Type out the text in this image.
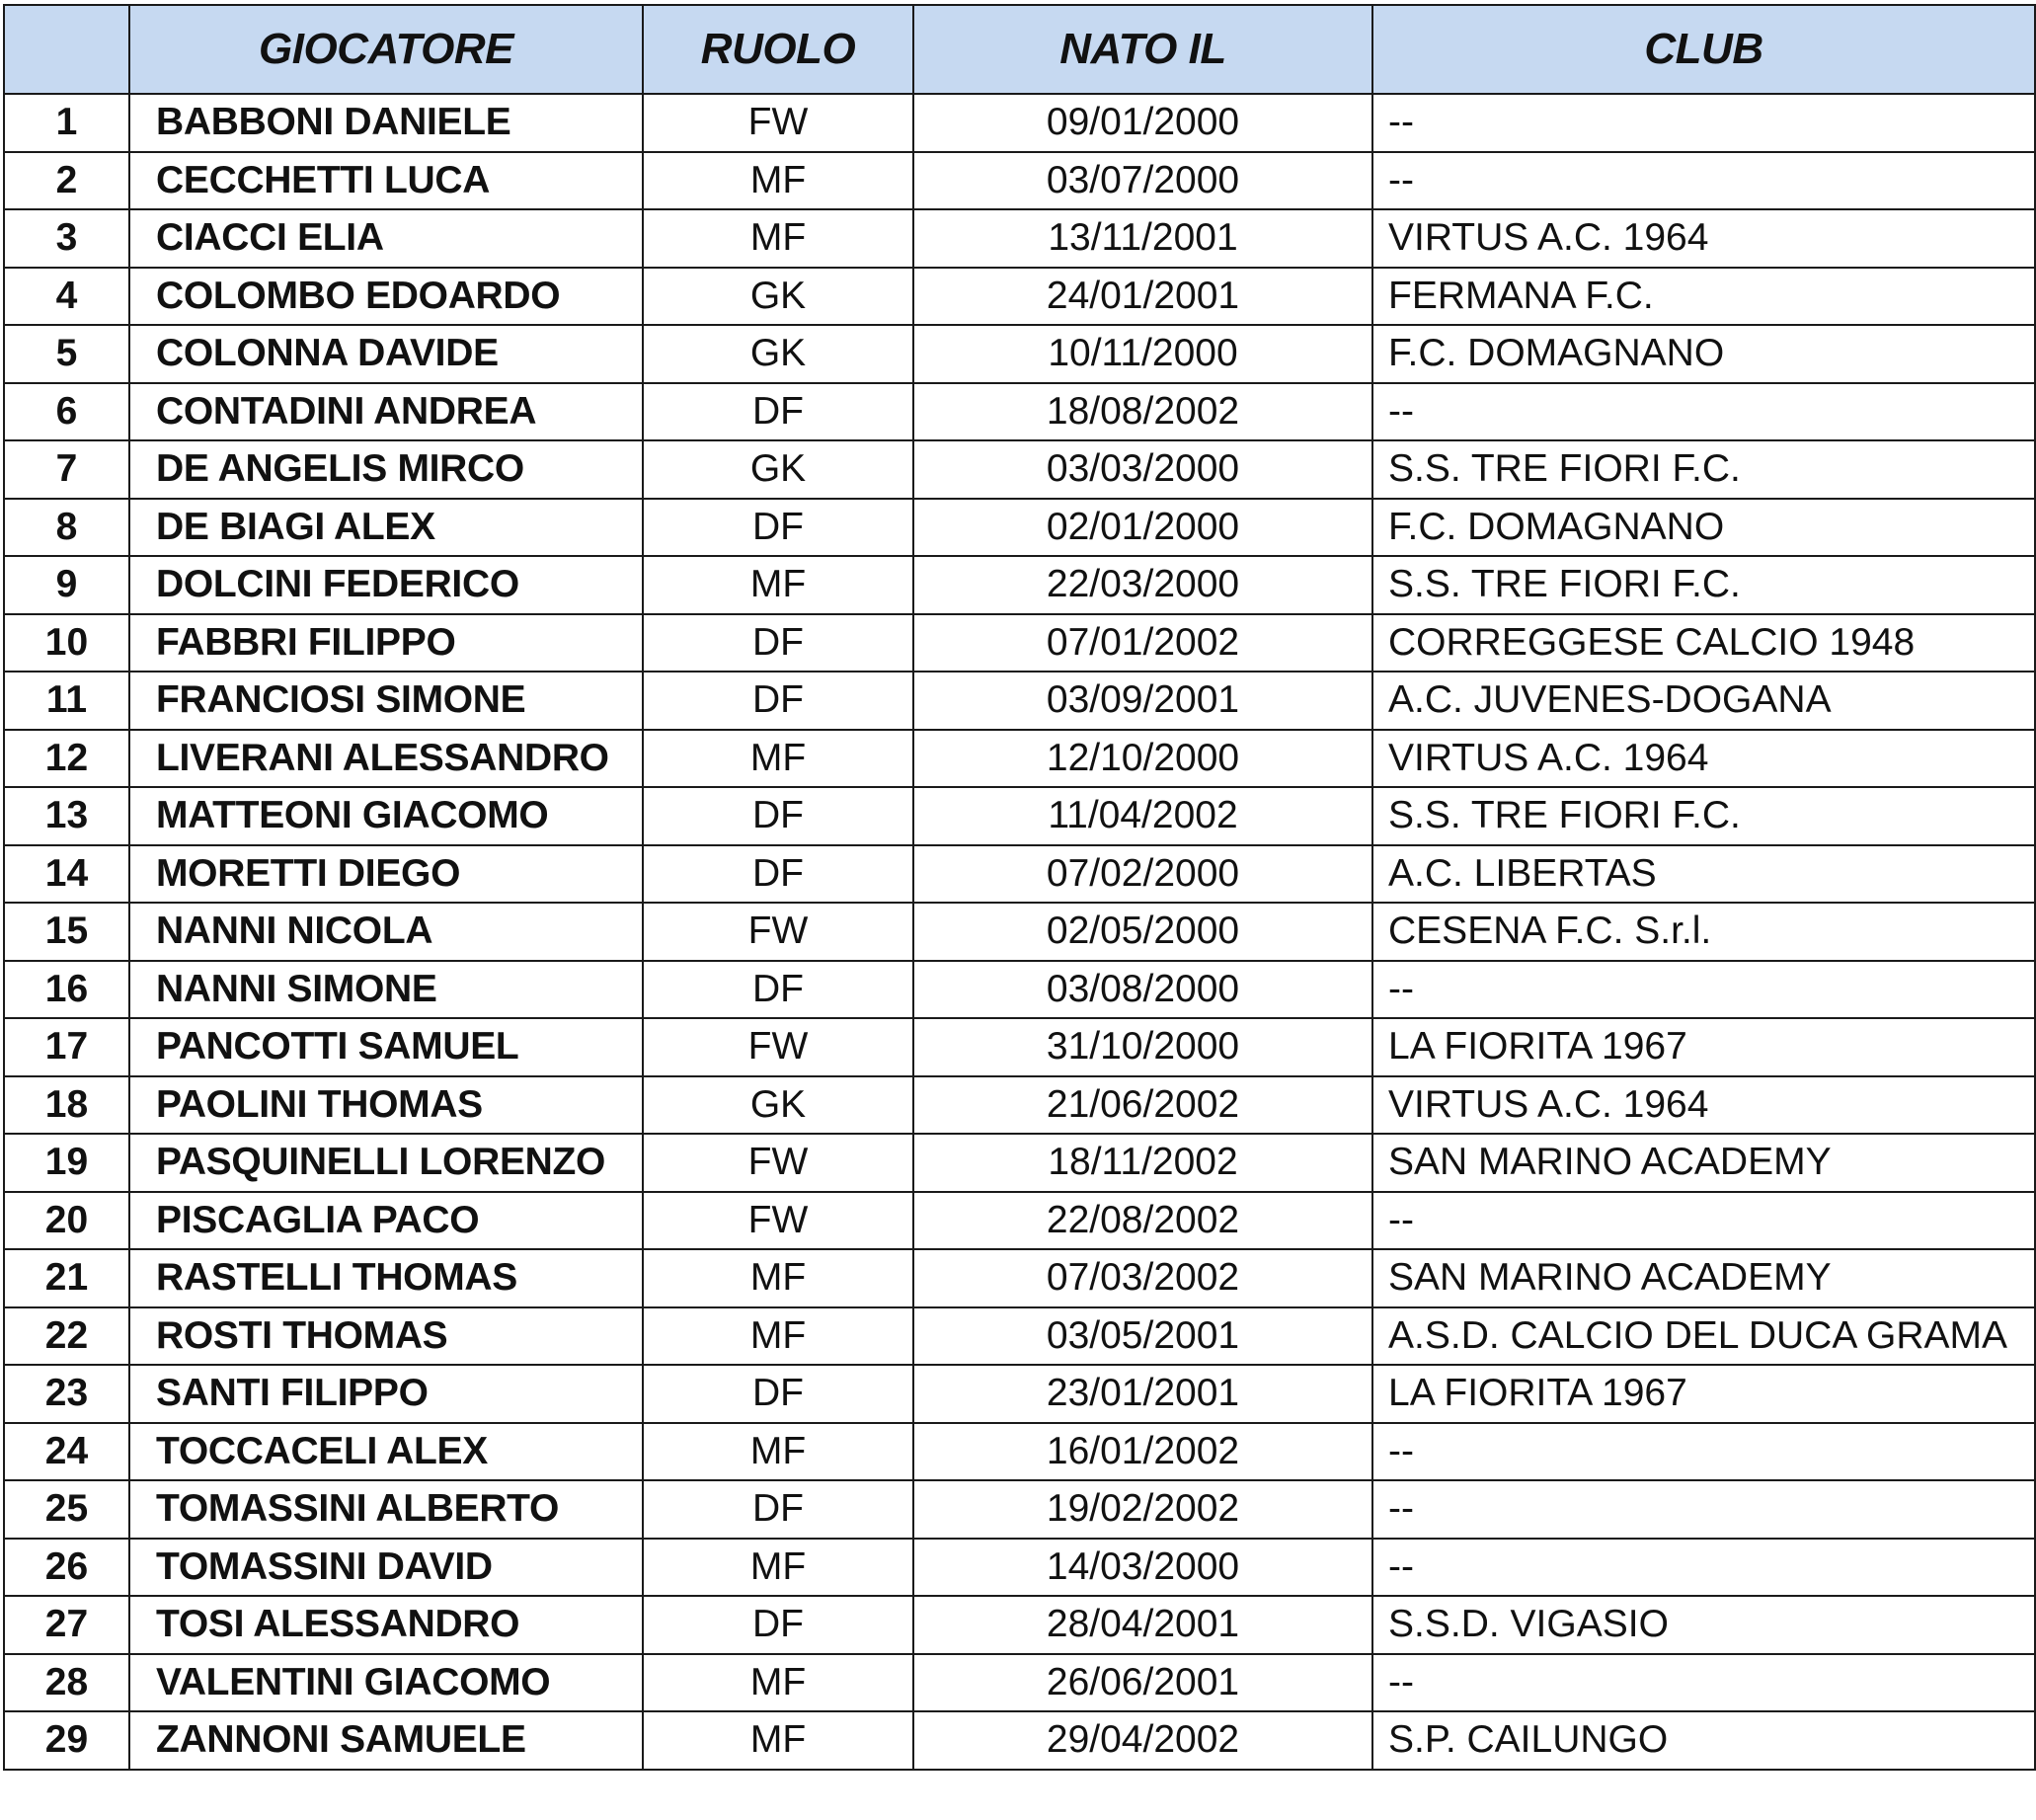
	GIOCATORE	RUOLO	NATO IL	CLUB
1	BABBONI DANIELE	FW	09/01/2000	--
2	CECCHETTI LUCA	MF	03/07/2000	--
3	CIACCI ELIA	MF	13/11/2001	VIRTUS A.C. 1964
4	COLOMBO EDOARDO	GK	24/01/2001	FERMANA F.C.
5	COLONNA DAVIDE	GK	10/11/2000	F.C. DOMAGNANO
6	CONTADINI ANDREA	DF	18/08/2002	--
7	DE ANGELIS MIRCO	GK	03/03/2000	S.S. TRE FIORI F.C.
8	DE BIAGI ALEX	DF	02/01/2000	F.C. DOMAGNANO
9	DOLCINI FEDERICO	MF	22/03/2000	S.S. TRE FIORI F.C.
10	FABBRI FILIPPO	DF	07/01/2002	CORREGGESE CALCIO 1948
11	FRANCIOSI SIMONE	DF	03/09/2001	A.C. JUVENES-DOGANA
12	LIVERANI ALESSANDRO	MF	12/10/2000	VIRTUS A.C. 1964
13	MATTEONI GIACOMO	DF	11/04/2002	S.S. TRE FIORI F.C.
14	MORETTI DIEGO	DF	07/02/2000	A.C. LIBERTAS
15	NANNI NICOLA	FW	02/05/2000	CESENA F.C. S.r.l.
16	NANNI SIMONE	DF	03/08/2000	--
17	PANCOTTI SAMUEL	FW	31/10/2000	LA FIORITA 1967
18	PAOLINI THOMAS	GK	21/06/2002	VIRTUS A.C. 1964
19	PASQUINELLI LORENZO	FW	18/11/2002	SAN MARINO ACADEMY
20	PISCAGLIA PACO	FW	22/08/2002	--
21	RASTELLI THOMAS	MF	07/03/2002	SAN MARINO ACADEMY
22	ROSTI THOMAS	MF	03/05/2001	A.S.D. CALCIO DEL DUCA GRAMA
23	SANTI FILIPPO	DF	23/01/2001	LA FIORITA 1967
24	TOCCACELI ALEX	MF	16/01/2002	--
25	TOMASSINI ALBERTO	DF	19/02/2002	--
26	TOMASSINI DAVID	MF	14/03/2000	--
27	TOSI ALESSANDRO	DF	28/04/2001	S.S.D. VIGASIO
28	VALENTINI GIACOMO	MF	26/06/2001	--
29	ZANNONI SAMUELE	MF	29/04/2002	S.P. CAILUNGO
